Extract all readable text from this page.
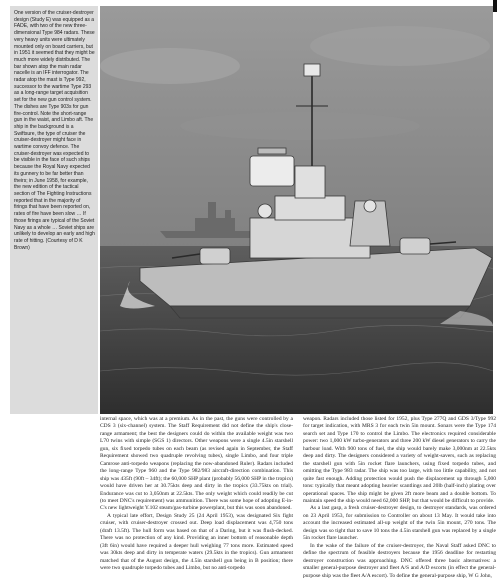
One version of the cruiser-destroyer design (Study E) was equipped as a FADE, with two of the new three-dimensional Type 984 radars. These very heavy units were ultimately mounted only on board carriers, but in 1951 it seemed that they might be much more widely distributed. The bar shown atop the main radar nacelle is an IFF interrogator. The radar atop the mast is Type 992, successor to the wartime Type 293 as a long-range target acquisition set for the new gun control system. The dishes are Type 903s for gun fire-control. Note the short-range gun in the waist, and Limbo aft. The ship in the background is a Swiftsure, the type of cruiser the cruiser-destroyer might face in wartime convoy defence. The cruiser-destroyer was expected to be visible in the face of such ships because the Royal Navy expected its gunnery to be far better than theirs; in June 1958, for example, the new edition of the tactical section of The Fighting Instructions reported that in the majority of firings that have been reported on, rates of fire have been slow … If those firings are typical of the Soviet Navy as a whole … Soviet ships are unlikely to develop an early and high rate of hitting. (Courtesy of D K Brown)

internal space, which was at a premium. As in the past, the guns were controlled by a CDS 3 (six-channel) system. The Staff Requirement did not define the ship's close-range armament; the best the designers could do within the available weight was two L70 twins with simple (SGS 1) directors. Other weapons were a single 4.5in starshell gun, six fixed torpedo tubes on each beam (as revised again in September, the Staff Requirement showed two quadruple revolving tubes), single Limbo, and four triple Camrose anti-torpedo weapons (replacing the now-abandoned Ruler). Radars included the long-range Type 960 and the Type 982/983 aircraft-direction combination. This ship was 435ft (90ft – 34ft); the 60,000 SHP plant (probably 56,000 SHP in the tropics) would have driven her at 30.75kts deep and dirty in the tropics (33.75kts on trial). Endurance was cut to 3,050nm at 22.5kts. The only weight which could readily be cut (to meet DNC's requirement) was ammunition. There was some hope of adopting E-in-C's new lightweight Y.102 steam/gas-turbine powerplant, but this was soon abandoned.

A typical late effort, Design Study 25 (24 April 1953), was designated Six fight cruiser, with cruiser-destroyer crossed out. Deep load displacement was 4,750 tons (draft 13.5ft). The hull form was based on that of a Daring, but it was flush-decked. There was no protection of any kind. Providing an inner bottom of reasonable depth (3ft 6in) would have required a deeper hull weighing 77 tons more. Estimated speed was 30kts deep and dirty in temperate waters (29.5kts in the tropics). Gun armament matched that of the August design, the 4.5in starshell gun being in B position; there were two quadruple torpedo tubes and Limbo, but no anti-torpedo

weapon. Radars included those listed for 1952, plus Type 277Q and GDS 3/Type 992 for target indication, with MRS 3 for each twin 5in mount. Sonars were the Type 174 search set and Type 170 to control the Limbo. The electronics required considerable power: two 1,000 kW turbo-generators and three 200 kW diesel generators to carry the harbour load. With 900 tons of fuel, the ship would barely make 3,000nm at 22.5kts deep and dirty. The designers considered a variety of weight-savers, such as replacing the starshell gun with 5in rocket flare launchers, using fixed torpedo tubes, and omitting the Type 983 radar. The ship was too large, with too little capability, and not quite fast enough. Adding protection would push the displacement up through 5,000 tons: typically that meant adopting heavier scantlings and 20lb (half-inch) plating over operational spaces. The ship might be given 2ft more beam and a double bottom. To maintain speed the ship would need 62,000 SHP, but that would be difficult to provide.

As a last gasp, a fresh cruiser-destroyer design, to destroyer standards, was ordered on 23 April 1953, for submission to Controller on about 13 May. It would take into account the increased estimated all-up weight of the twin 5in mount, 270 tons. The design was so tight that to save 10 tons the 4.5in starshell gun was replaced by a single 5in rocket flare launcher.

In the wake of the failure of the cruiser-destroyer, the Naval Staff asked DNC to define the spectrum of feasible destroyers because the 1956 deadline for restarting destroyer construction was approaching. DNC offered three basic alternatives: a smaller general-purpose destroyer and fleet A/S and A/D escorts (in effect the general-purpose ship was the fleet A/A escort). To define the general-purpose ship, W G John,
